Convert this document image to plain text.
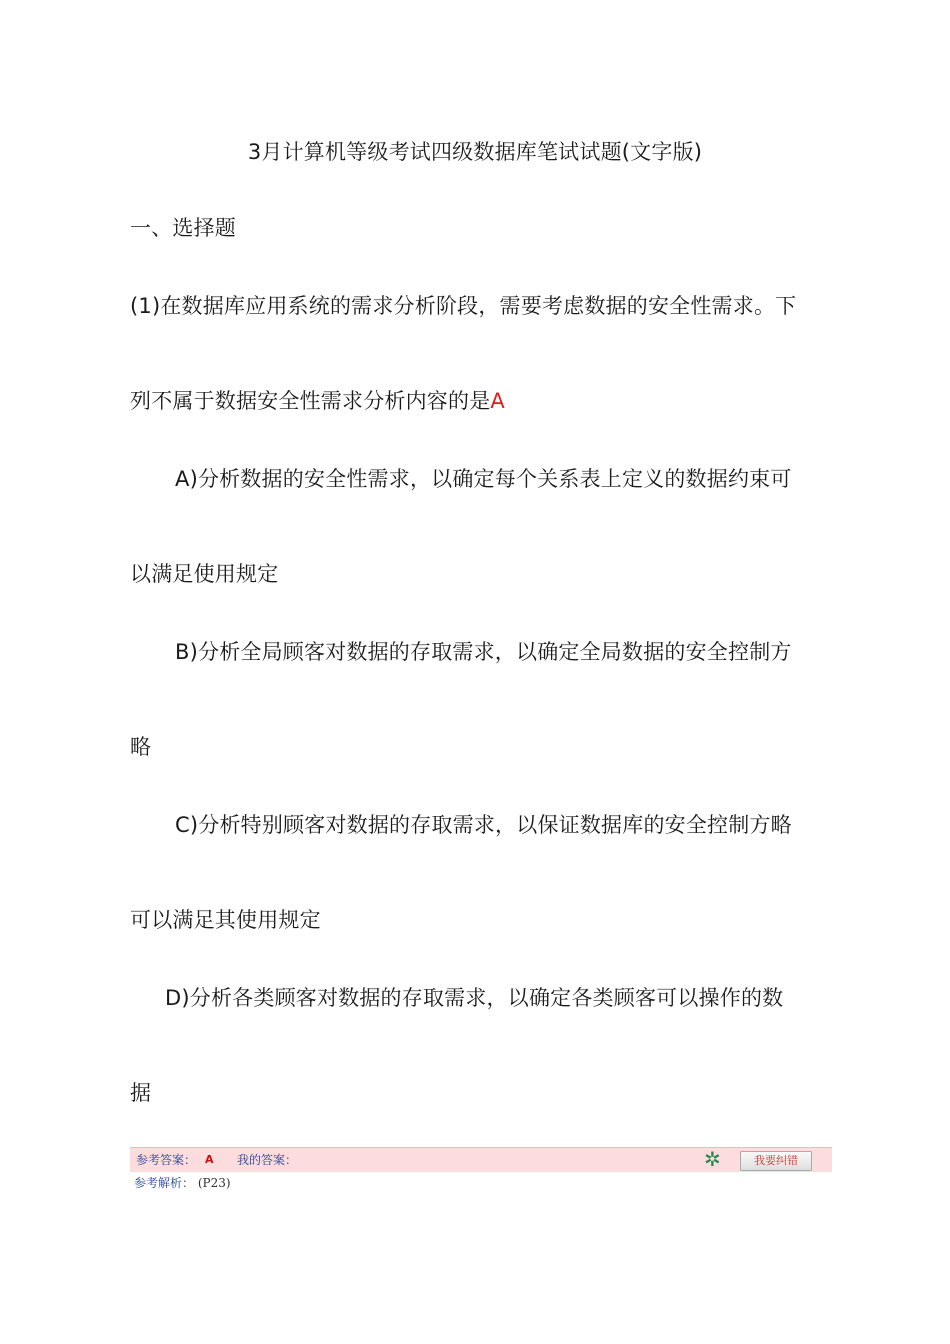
3月计算机等级考试四级数据库笔试试题(文字版)
一、选择题
(1)在数据库应用系统的需求分析阶段，需要考虑数据的安全性需求。下
列不属于数据安全性需求分析内容的是A
A)分析数据的安全性需求，以确定每个关系表上定义的数据约束可
以满足使用规定
B)分析全局顾客对数据的存取需求，以确定全局数据的安全控制方
略
C)分析特别顾客对数据的存取需求，以保证数据库的安全控制方略
可以满足其使用规定
D)分析各类顾客对数据的存取需求，以确定各类顾客可以操作的数
据
参考答案： A 我的答案：	✲	我要纠错
参考解析： (P23)
